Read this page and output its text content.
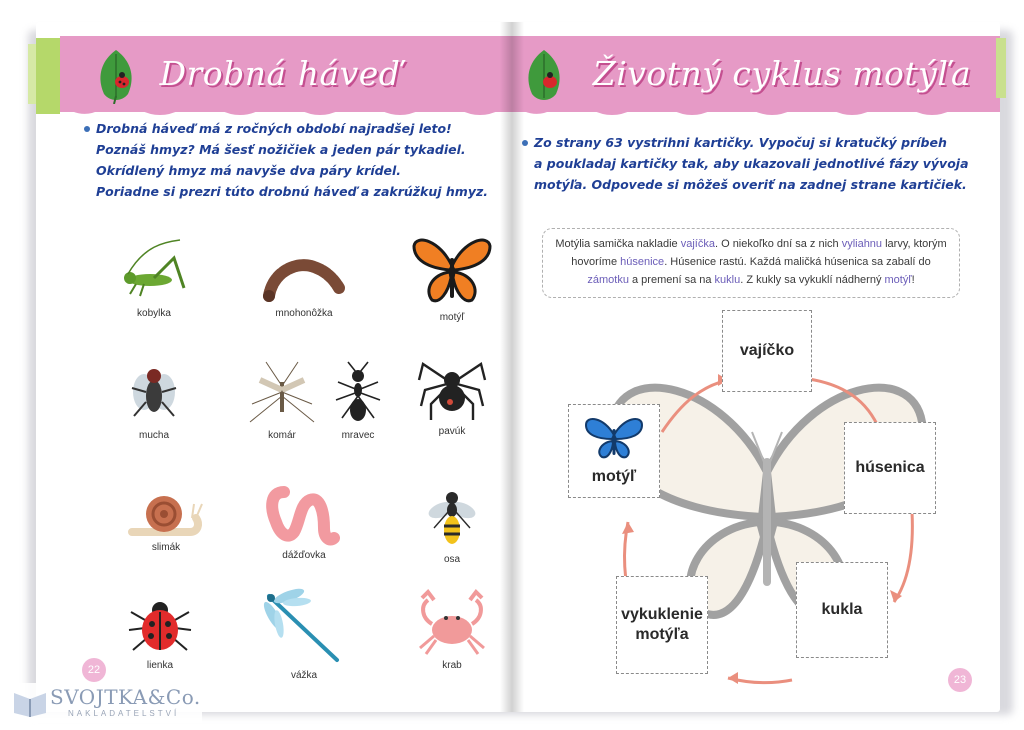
Drobná háveď
Drobná háveď má z ročných období najradšej leto!
Poznáš hmyz? Má šesť nožičiek a jeden pár tykadiel.
Okrídlený hmyz má navyše dva páry krídel.
Poriadne si prezri túto drobnú háveď a zakrúžkuj hmyz.
kobylka	mnohonôžka	motýľ
mucha	komár	mravec	pavúk
slimák
dážďovka	osa
lienka
vážka
krab
22
Životný cyklus motýľa
Zo strany 63 vystrihni kartičky. Vypočuj si kratučký príbeh
a poukladaj kartičky tak, aby ukazovali jednotlivé fázy vývoja
motýľa. Odpovede si môžeš overiť na zadnej strane kartičiek.
Motýlia samička nakladie vajíčka. O niekoľko dní sa z nich vyliahnu larvy, ktorým hovoríme húsenice. Húsenice rastú. Každá maličká húsenica sa zabalí do zámotku a premení sa na kuklu. Z kukly sa vykuklí nádherný motýľ!
vajíčko
húsenica
kukla
vykuklenie
motýľa
motýľ
23
SVOJTKA&Co.
NAKLADATELSTVÍ
